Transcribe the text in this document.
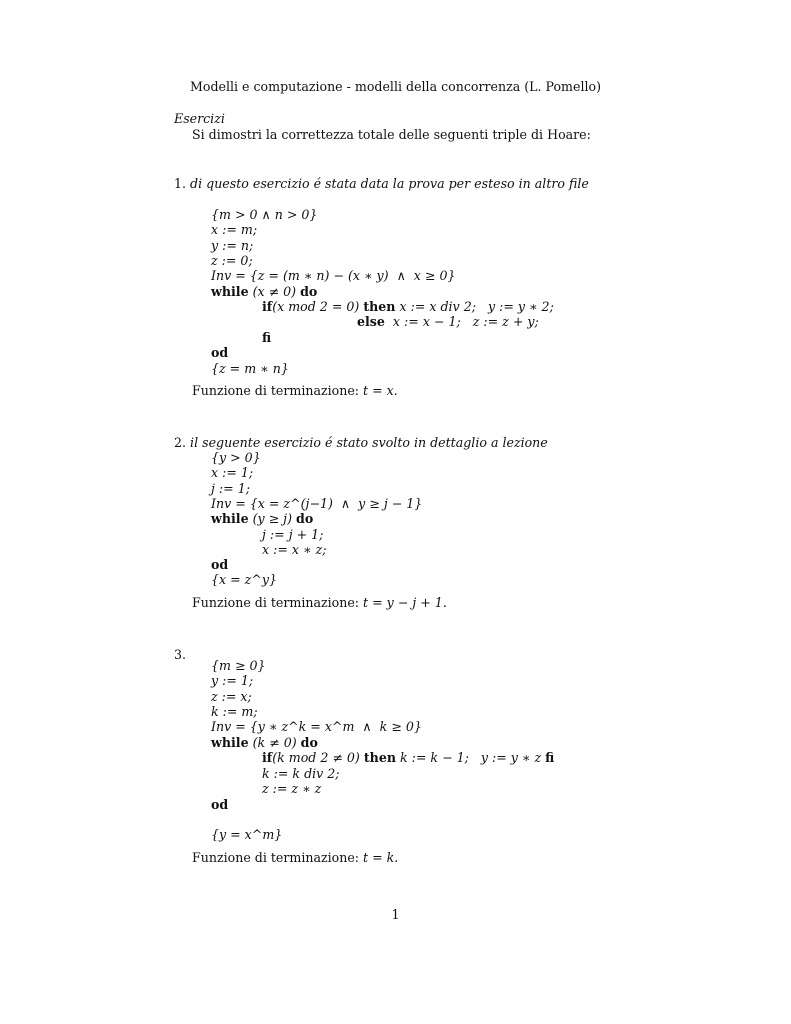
Modelli e computazione - modelli della concorrenza (L. Pomello)
Esercizi
Si dimostri la correttezza totale delle seguenti triple di Hoare:
1. di questo esercizio é stata data la prova per esteso in altro file
{m > 0 ∧ n > 0}
x := m;
y := n;
z := 0;
Inv = {z = (m ∗ n) − (x ∗ y)  ∧  x ≥ 0}
while (x ≠ 0) do
if(x mod 2 = 0) then x := x div 2;   y := y ∗ 2;
else  x := x − 1;   z := z + y;
fi
od
{z = m ∗ n}
Funzione di terminazione: t = x.
2. il seguente esercizio é stato svolto in dettaglio a lezione
{y > 0}
x := 1;
j := 1;
Inv = {x = z^(j−1)  ∧  y ≥ j − 1}
while (y ≥ j) do
j := j + 1;
x := x ∗ z;
od
{x = z^y}
Funzione di terminazione: t = y − j + 1.
3.
{m ≥ 0}
y := 1;
z := x;
k := m;
Inv = {y ∗ z^k = x^m  ∧  k ≥ 0}
while (k ≠ 0) do
if(k mod 2 ≠ 0) then k := k − 1;   y := y ∗ z fi
k := k div 2;
z := z ∗ z
od
{y = x^m}
Funzione di terminazione: t = k.
1
